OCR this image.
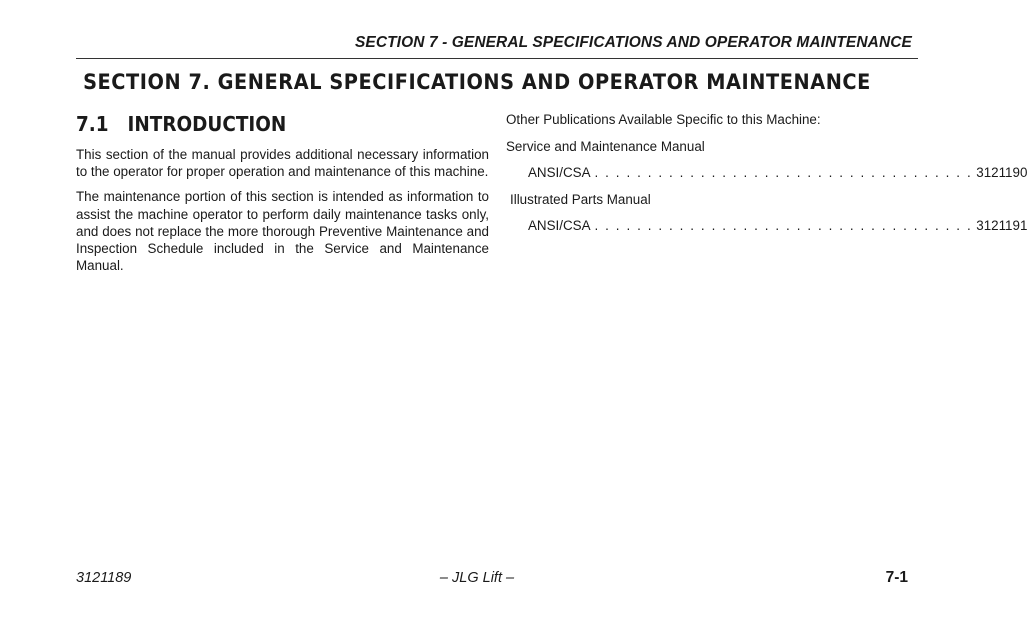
SECTION 7 - GENERAL SPECIFICATIONS AND OPERATOR MAINTENANCE
SECTION 7. GENERAL SPECIFICATIONS AND OPERATOR MAINTENANCE
7.1 INTRODUCTION

This section of the manual provides additional necessary information to the operator for proper operation and maintenance of this machine.

The maintenance portion of this section is intended as information to assist the machine operator to perform daily maintenance tasks only, and does not replace the more thorough Preventive Maintenance and Inspection Schedule included in the Service and Maintenance Manual.

Other Publications Available Specific to this Machine:

Service and Maintenance Manual

ANSI/CSA . . . . . . . . . . . . . . . . . . . . . . . . . . . . . . . . . . . . 3121190

Illustrated Parts Manual

ANSI/CSA . . . . . . . . . . . . . . . . . . . . . . . . . . . . . . . . . . . . 3121191
3121189	– JLG Lift –	7-1
